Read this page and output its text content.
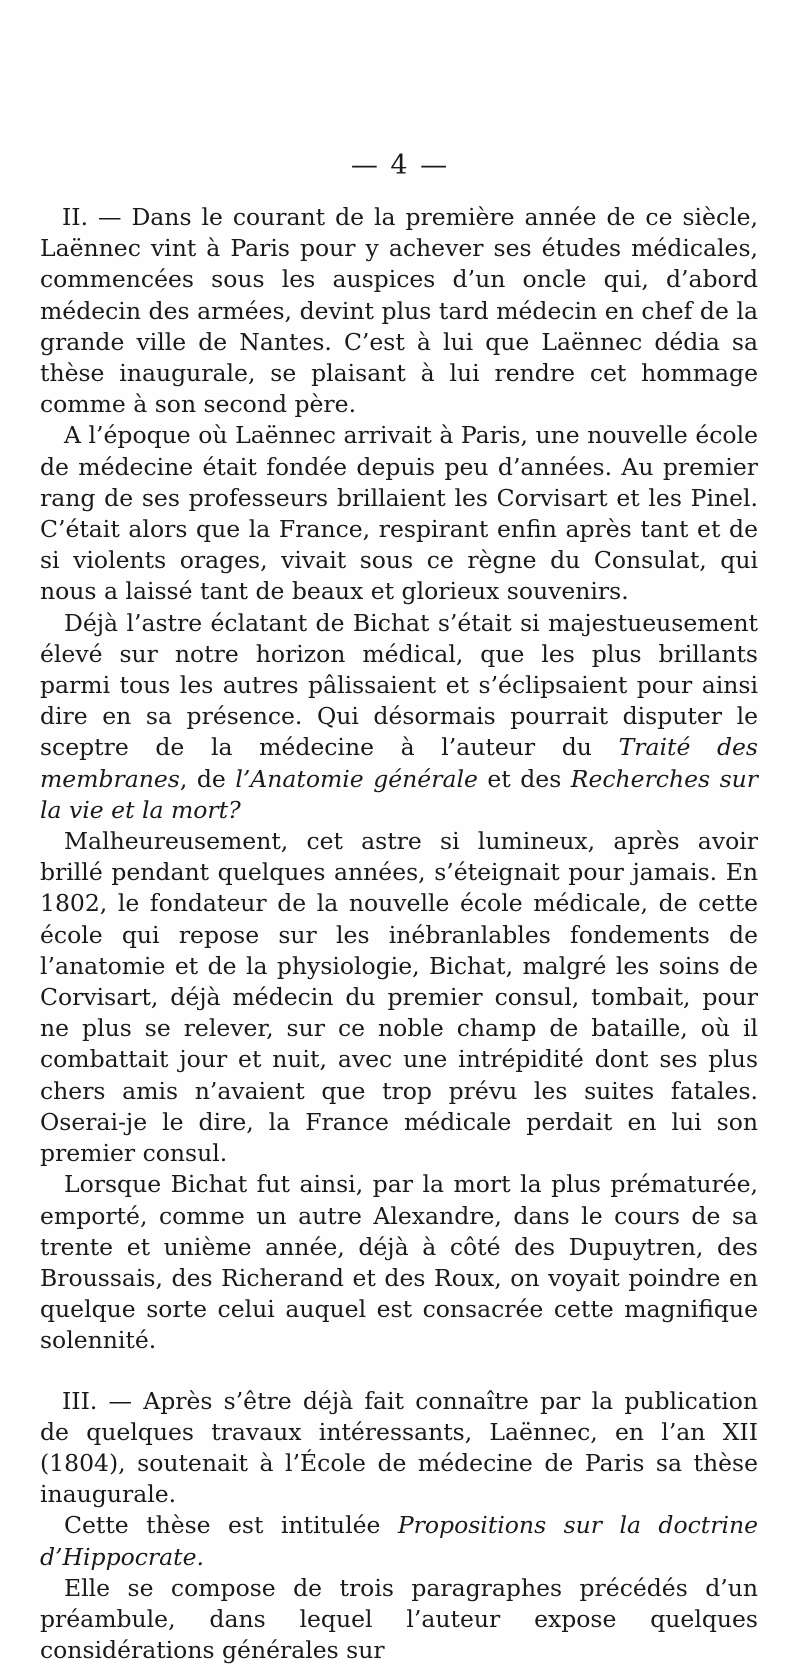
— 4 —

II. — Dans le courant de la première année de ce siècle, Laënnec vint à Paris pour y achever ses études médicales, commencées sous les auspices d’un oncle qui, d’abord médecin des armées, devint plus tard médecin en chef de la grande ville de Nantes. C’est à lui que Laënnec dédia sa thèse inaugurale, se plaisant à lui rendre cet hommage comme à son second père.

A l’époque où Laënnec arrivait à Paris, une nouvelle école de médecine était fondée depuis peu d’années. Au premier rang de ses professeurs brillaient les Corvisart et les Pinel. C’était alors que la France, respirant enfin après tant et de si violents orages, vivait sous ce règne du Consulat, qui nous a laissé tant de beaux et glorieux souvenirs.

Déjà l’astre éclatant de Bichat s’était si majestueusement élevé sur notre horizon médical, que les plus brillants parmi tous les autres pâlissaient et s’éclipsaient pour ainsi dire en sa présence. Qui désormais pourrait disputer le sceptre de la médecine à l’auteur du Traité des membranes, de l’Anatomie générale et des Recherches sur la vie et la mort?

Malheureusement, cet astre si lumineux, après avoir brillé pendant quelques années, s’éteignait pour jamais. En 1802, le fondateur de la nouvelle école médicale, de cette école qui repose sur les inébranlables fondements de l’anatomie et de la physiologie, Bichat, malgré les soins de Corvisart, déjà médecin du premier consul, tombait, pour ne plus se relever, sur ce noble champ de bataille, où il combattait jour et nuit, avec une intrépidité dont ses plus chers amis n’avaient que trop prévu les suites fatales. Oserai-je le dire, la France médicale perdait en lui son premier consul.

Lorsque Bichat fut ainsi, par la mort la plus prématurée, emporté, comme un autre Alexandre, dans le cours de sa trente et unième année, déjà à côté des Dupuytren, des Broussais, des Richerand et des Roux, on voyait poindre en quelque sorte celui auquel est consacrée cette magnifique solennité.

III. — Après s’être déjà fait connaître par la publication de quelques travaux intéressants, Laënnec, en l’an XII (1804), soutenait à l’École de médecine de Paris sa thèse inaugurale.

Cette thèse est intitulée Propositions sur la doctrine d’Hippocrate.

Elle se compose de trois paragraphes précédés d’un préambule, dans lequel l’auteur expose quelques considérations générales sur
